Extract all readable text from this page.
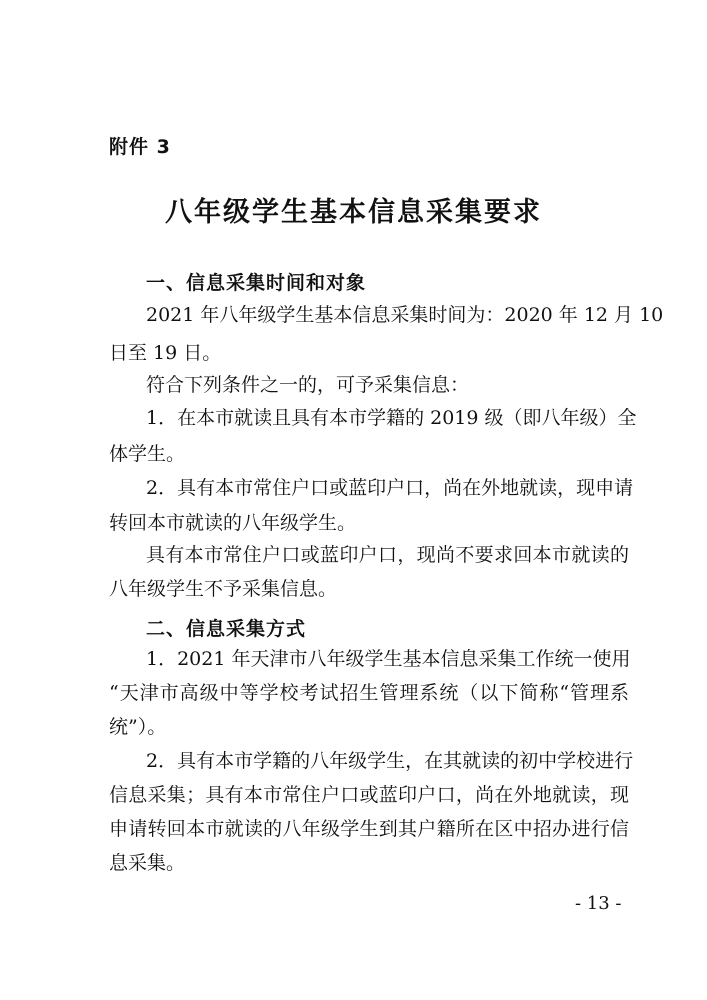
附件 3
八年级学生基本信息采集要求
一、信息采集时间和对象
2021 年八年级学生基本信息采集时间为：2020 年 12 月 10
日至 19 日。
符合下列条件之一的，可予采集信息：
1．在本市就读且具有本市学籍的 2019 级（即八年级）全
体学生。
2．具有本市常住户口或蓝印户口，尚在外地就读，现申请
转回本市就读的八年级学生。
具有本市常住户口或蓝印户口，现尚不要求回本市就读的
八年级学生不予采集信息。
二、信息采集方式
1．2021 年天津市八年级学生基本信息采集工作统一使用
“天津市高级中等学校考试招生管理系统（以下简称“管理系
统”）。
2．具有本市学籍的八年级学生，在其就读的初中学校进行
信息采集；具有本市常住户口或蓝印户口，尚在外地就读，现
申请转回本市就读的八年级学生到其户籍所在区中招办进行信
息采集。
- 13 -
